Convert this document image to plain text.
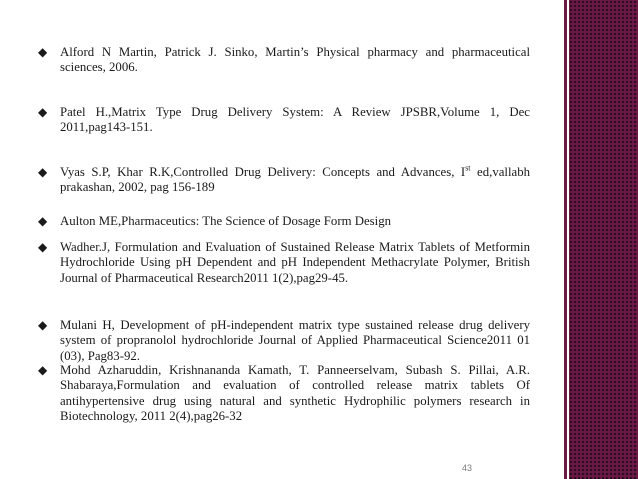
◆ Alford N Martin, Patrick J. Sinko, Martin’s Physical pharmacy and pharmaceutical sciences, 2006.
◆ Patel H.,Matrix Type Drug Delivery System: A Review JPSBR,Volume 1, Dec 2011,pag143-151.
◆ Vyas S.P, Khar R.K,Controlled Drug Delivery: Concepts and Advances, Ist ed,vallabh prakashan, 2002, pag 156-189
◆ Aulton ME,Pharmaceutics: The Science of Dosage Form Design
◆ Wadher.J, Formulation and Evaluation of Sustained Release Matrix Tablets of Metformin Hydrochloride Using pH Dependent and pH Independent Methacrylate Polymer, British Journal of Pharmaceutical Research2011 1(2),pag29-45.
◆ Mulani H, Development of pH-independent matrix type sustained release drug delivery system of propranolol hydrochloride Journal of Applied Pharmaceutical Science2011 01 (03), Pag83-92.
◆ Mohd Azharuddin, Krishnananda Kamath, T. Panneerselvam, Subash S. Pillai, A.R. Shabaraya,Formulation and evaluation of controlled release matrix tablets Of antihypertensive drug using natural and synthetic Hydrophilic polymers research in Biotechnology, 2011 2(4),pag26-32
43
